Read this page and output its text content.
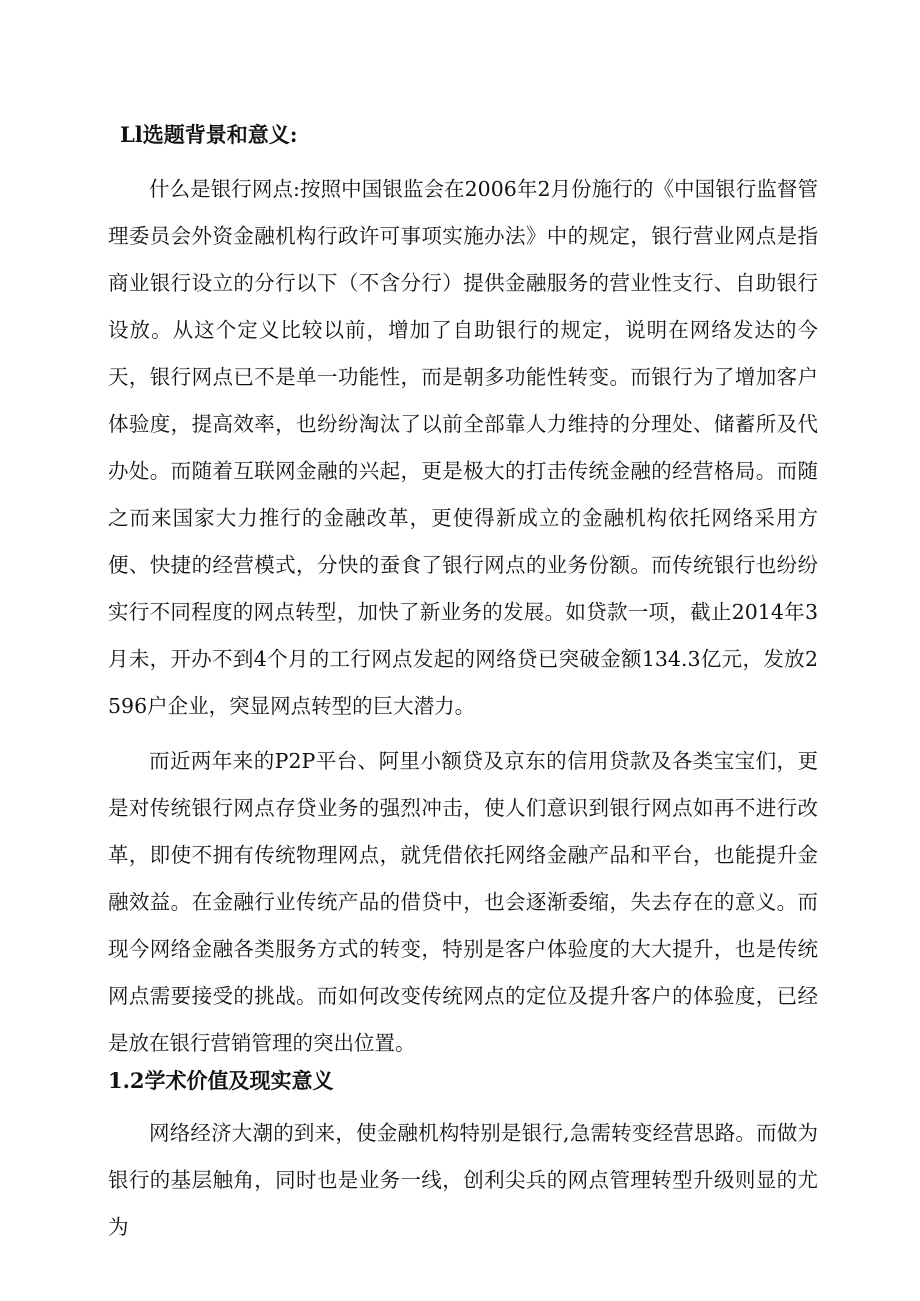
Ll选题背景和意义:

什么是银行网点:按照中国银监会在2006年2月份施行的《中国银行监督管理委员会外资金融机构行政许可事项实施办法》中的规定，银行营业网点是指商业银行设立的分行以下（不含分行）提供金融服务的营业性支行、自助银行设放。从这个定义比较以前，增加了自助银行的规定，说明在网络发达的今天，银行网点已不是单一功能性，而是朝多功能性转变。而银行为了增加客户体验度，提高效率，也纷纷淘汰了以前全部靠人力维持的分理处、储蓄所及代办处。而随着互联网金融的兴起，更是极大的打击传统金融的经营格局。而随之而来国家大力推行的金融改革，更使得新成立的金融机构依托网络采用方便、快捷的经营模式，分快的蚕食了银行网点的业务份额。而传统银行也纷纷实行不同程度的网点转型，加快了新业务的发展。如贷款一项，截止2014年3月未，开办不到4个月的工行网点发起的网络贷已突破金额134.3亿元，发放2596户企业，突显网点转型的巨大潜力。

而近两年来的P2P平台、阿里小额贷及京东的信用贷款及各类宝宝们，更是对传统银行网点存贷业务的强烈冲击，使人们意识到银行网点如再不进行改革，即使不拥有传统物理网点，就凭借依托网络金融产品和平台，也能提升金融效益。在金融行业传统产品的借贷中，也会逐渐委缩，失去存在的意义。而现今网络金融各类服务方式的转变，特别是客户体验度的大大提升，也是传统网点需要接受的挑战。而如何改变传统网点的定位及提升客户的体验度，已经是放在银行营销管理的突出位置。

1.2学术价值及现实意义

网络经济大潮的到来，使金融机构特别是银行,急需转变经营思路。而做为银行的基层触角，同时也是业务一线，创利尖兵的网点管理转型升级则显的尤为
